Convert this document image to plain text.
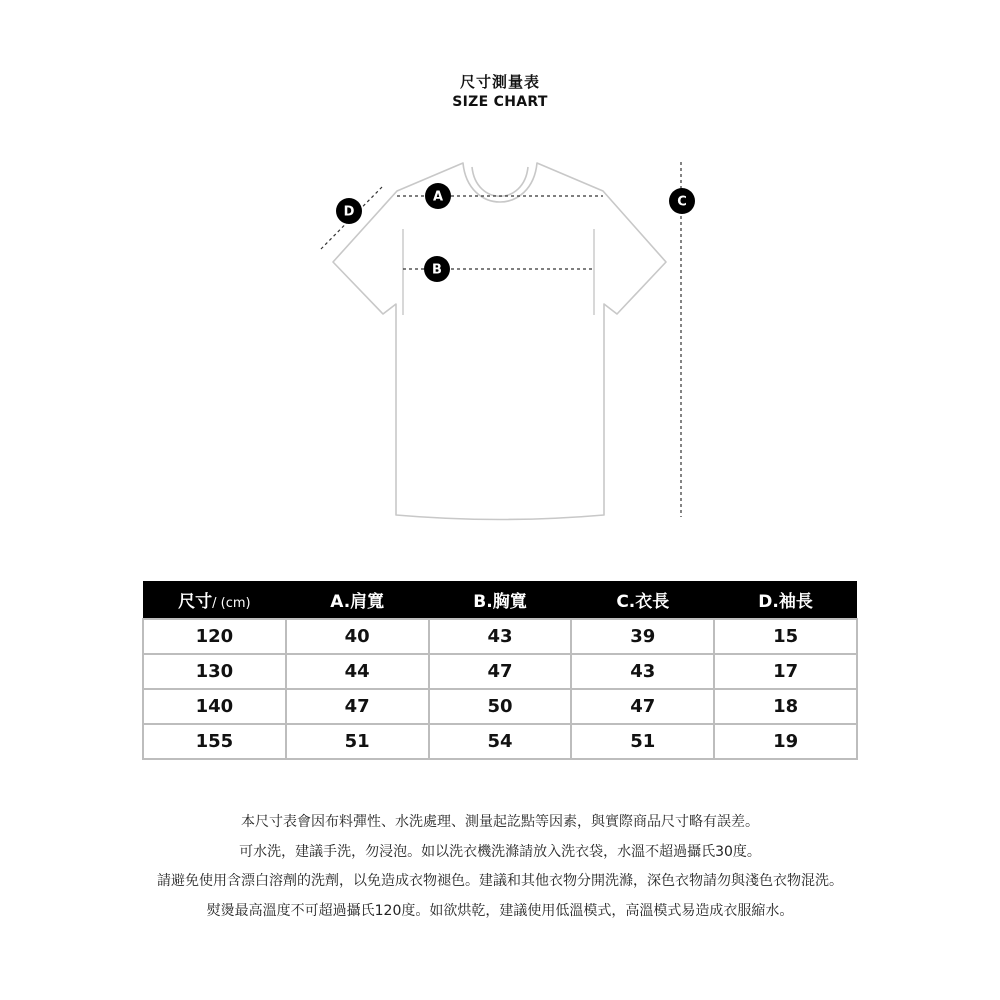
尺寸測量表
SIZE CHART
A
B
C
D
尺寸/ (cm)	A.肩寬	B.胸寬	C.衣長	D.袖長
120	40	43	39	15
130	44	47	43	17
140	47	50	47	18
155	51	54	51	19
本尺寸表會因布料彈性、水洗處理、測量起訖點等因素，與實際商品尺寸略有誤差。
可水洗，建議手洗，勿浸泡。如以洗衣機洗滌請放入洗衣袋，水溫不超過攝氏30度。
請避免使用含漂白溶劑的洗劑，以免造成衣物褪色。建議和其他衣物分開洗滌，深色衣物請勿與淺色衣物混洗。
熨燙最高溫度不可超過攝氏120度。如欲烘乾，建議使用低溫模式，高溫模式易造成衣服縮水。
